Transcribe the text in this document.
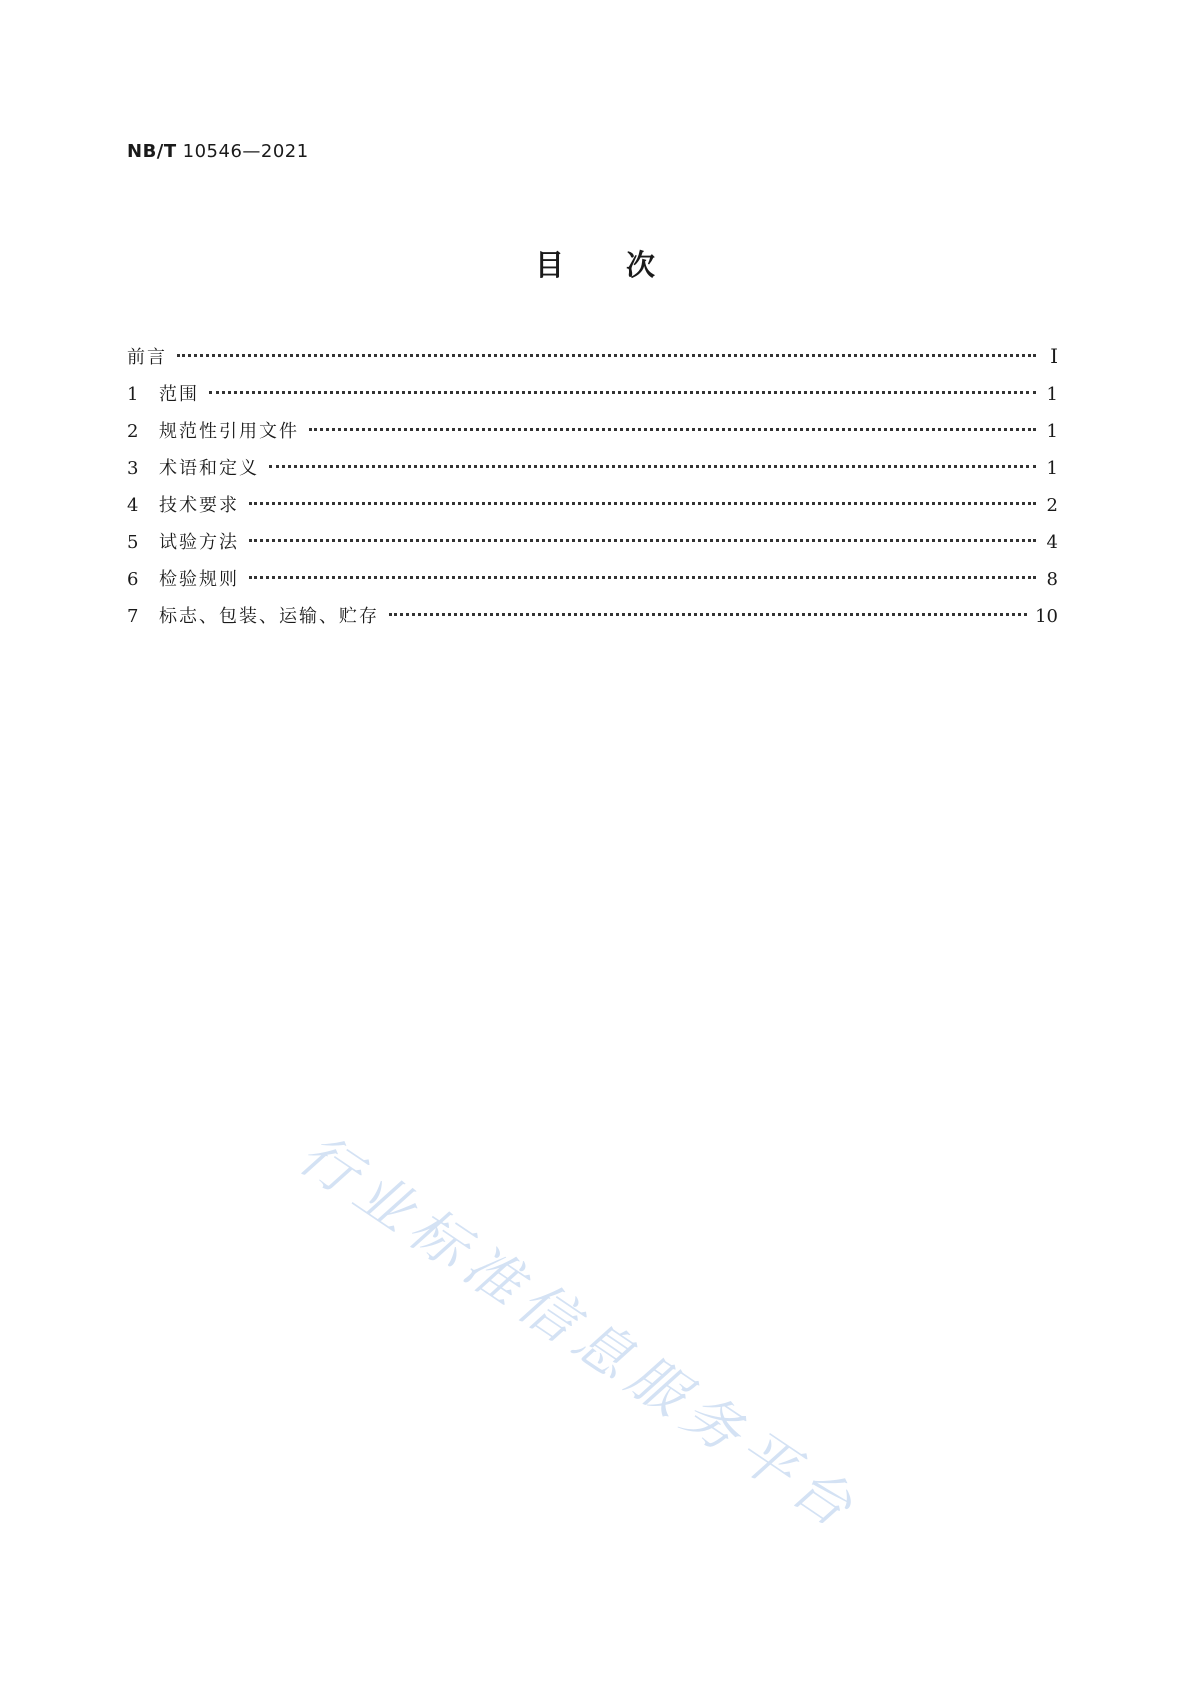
NB/T 10546—2021
目次
前言	Ⅰ
1	范围	1
2	规范性引用文件	1
3	术语和定义	1
4	技术要求	2
5	试验方法	4
6	检验规则	8
7	标志、包装、运输、贮存	10
行业标准信息服务平台
